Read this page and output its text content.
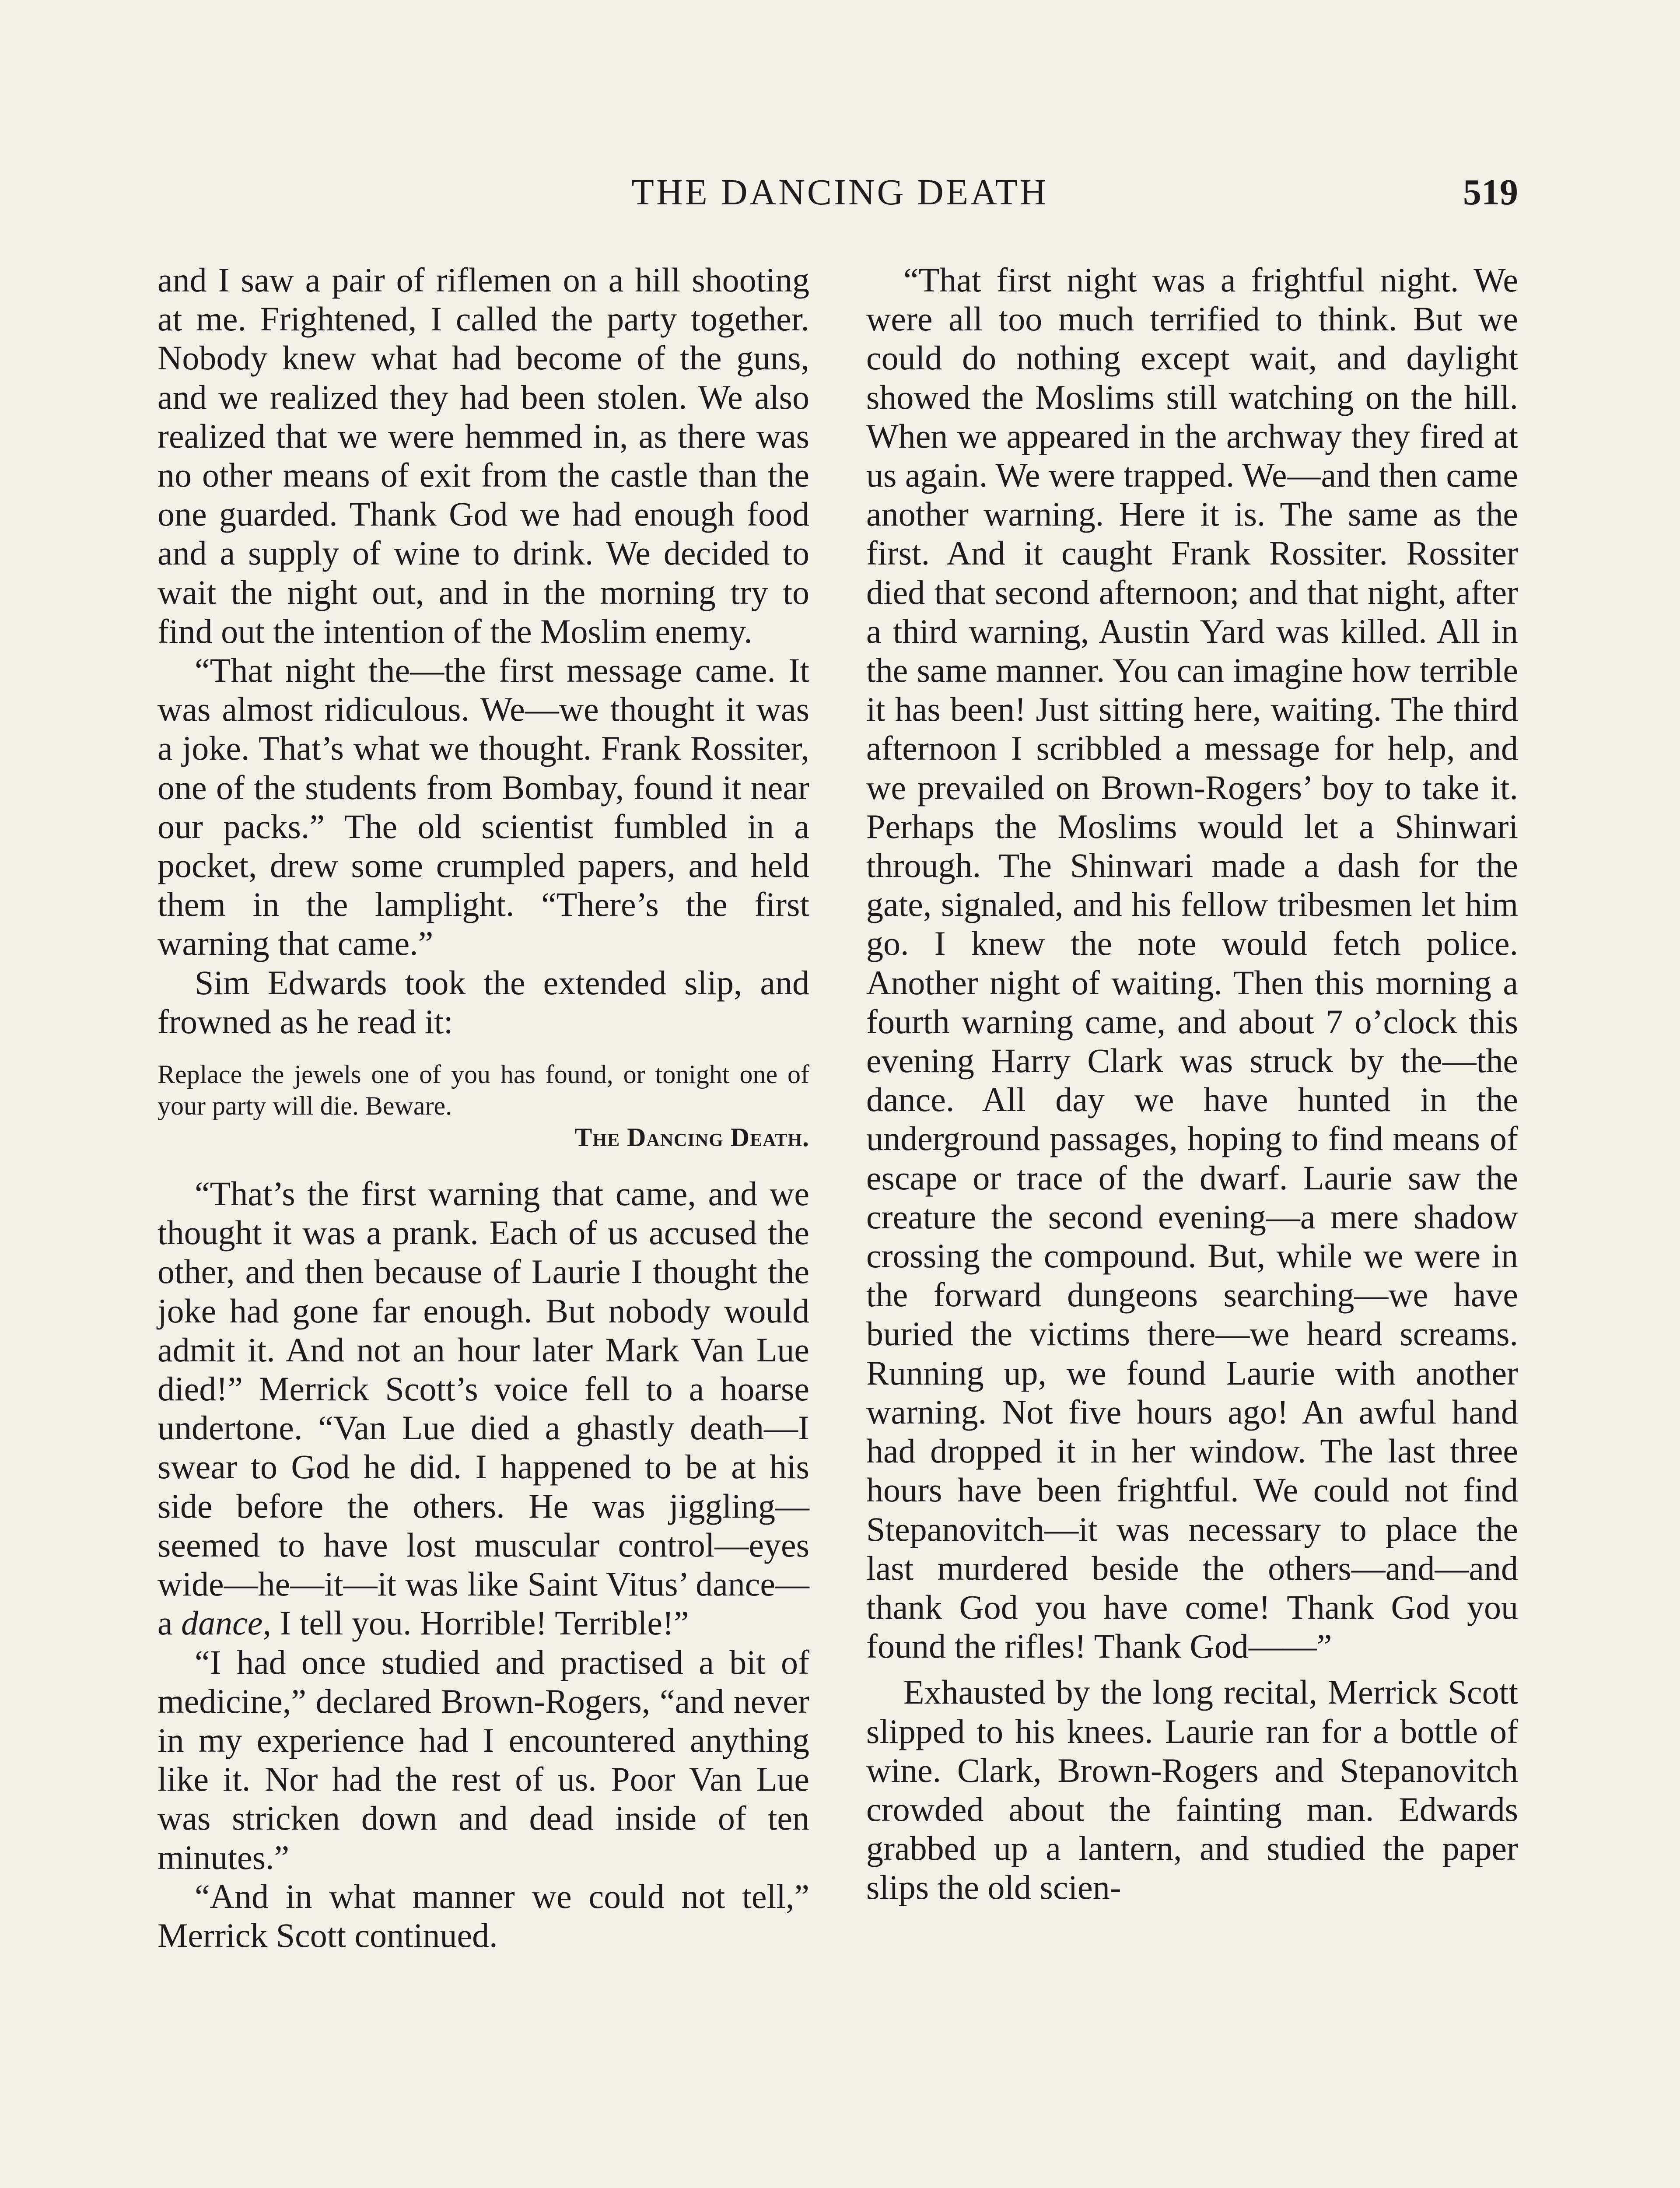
THE DANCING DEATH	519

and I saw a pair of riflemen on a hill shooting at me. Frightened, I called the party together. Nobody knew what had become of the guns, and we realized they had been stolen. We also realized that we were hemmed in, as there was no other means of exit from the castle than the one guarded. Thank God we had enough food and a supply of wine to drink. We decided to wait the night out, and in the morning try to find out the intention of the Moslim enemy.

“That night the—the first message came. It was almost ridiculous. We—we thought it was a joke. That’s what we thought. Frank Rossiter, one of the students from Bombay, found it near our packs.” The old scientist fumbled in a pocket, drew some crumpled papers, and held them in the lamplight. “There’s the first warning that came.”

Sim Edwards took the extended slip, and frowned as he read it:

Replace the jewels one of you has found, or tonight one of your party will die. Beware.
The Dancing Death.

“That’s the first warning that came, and we thought it was a prank. Each of us accused the other, and then because of Laurie I thought the joke had gone far enough. But nobody would admit it. And not an hour later Mark Van Lue died!” Merrick Scott’s voice fell to a hoarse undertone. “Van Lue died a ghastly death—I swear to God he did. I happened to be at his side before the others. He was jiggling—seemed to have lost muscular control—eyes wide—he—it—it was like Saint Vitus’ dance—a dance, I tell you. Horrible! Terrible!”

“I had once studied and practised a bit of medicine,” declared Brown-Rogers, “and never in my experience had I encountered anything like it. Nor had the rest of us. Poor Van Lue was stricken down and dead inside of ten minutes.”

“And in what manner we could not tell,” Merrick Scott continued.

“That first night was a frightful night. We were all too much terrified to think. But we could do nothing except wait, and daylight showed the Moslims still watching on the hill. When we appeared in the archway they fired at us again. We were trapped. We—and then came another warning. Here it is. The same as the first. And it caught Frank Rossiter. Rossiter died that second afternoon; and that night, after a third warning, Austin Yard was killed. All in the same manner. You can imagine how terrible it has been! Just sitting here, waiting. The third afternoon I scribbled a message for help, and we prevailed on Brown-Rogers’ boy to take it. Perhaps the Moslims would let a Shinwari through. The Shinwari made a dash for the gate, signaled, and his fellow tribesmen let him go. I knew the note would fetch police. Another night of waiting. Then this morning a fourth warning came, and about 7 o’clock this evening Harry Clark was struck by the—the dance. All day we have hunted in the underground passages, hoping to find means of escape or trace of the dwarf. Laurie saw the creature the second evening—a mere shadow crossing the compound. But, while we were in the forward dungeons searching—we have buried the victims there—we heard screams. Running up, we found Laurie with another warning. Not five hours ago! An awful hand had dropped it in her window. The last three hours have been frightful. We could not find Stepanovitch—it was necessary to place the last murdered beside the others—and—and thank God you have come! Thank God you found the rifles! Thank God——”

Exhausted by the long recital, Merrick Scott slipped to his knees. Laurie ran for a bottle of wine. Clark, Brown-Rogers and Stepanovitch crowded about the fainting man. Edwards grabbed up a lantern, and studied the paper slips the old scien-
